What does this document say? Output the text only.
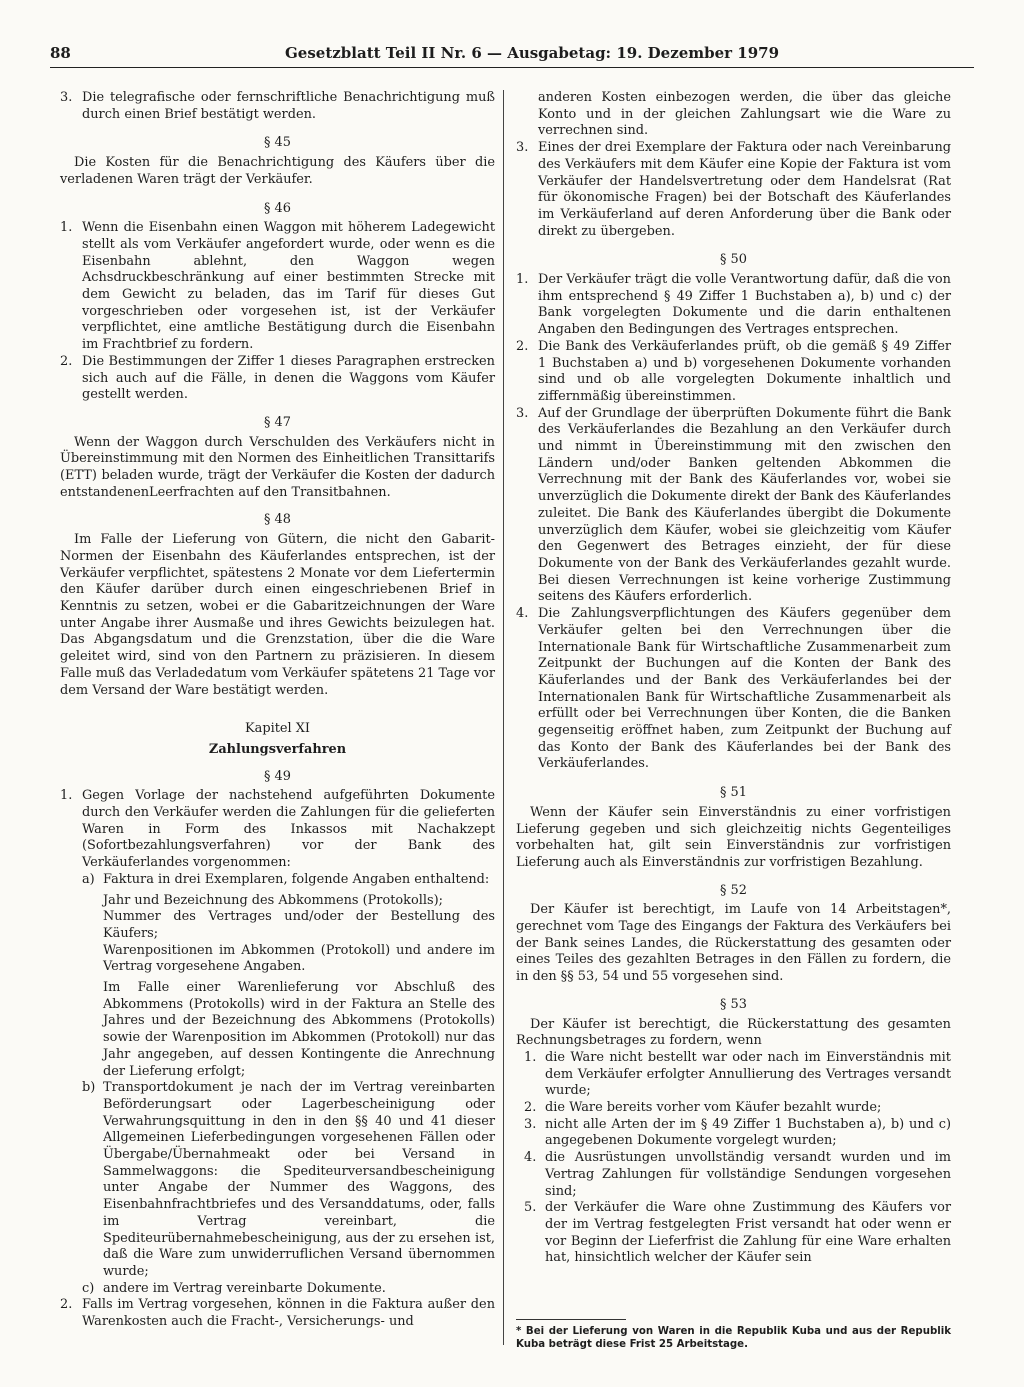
88	Gesetzblatt Teil II Nr. 6 — Ausgabetag: 19. Dezember 1979
3. Die telegrafische oder fernschriftliche Benachrichtigung muß durch einen Brief bestätigt werden.
§ 45

Die Kosten für die Benachrichtigung des Käufers über die verladenen Waren trägt der Verkäufer.

§ 46
1. Wenn die Eisenbahn einen Waggon mit höherem Ladegewicht stellt als vom Verkäufer angefordert wurde, oder wenn es die Eisenbahn ablehnt, den Waggon wegen Achsdruckbeschränkung auf einer bestimmten Strecke mit dem Gewicht zu beladen, das im Tarif für dieses Gut vorgeschrieben oder vorgesehen ist, ist der Verkäufer verpflichtet, eine amtliche Bestätigung durch die Eisenbahn im Frachtbrief zu fordern.
2. Die Bestimmungen der Ziffer 1 dieses Paragraphen erstrecken sich auch auf die Fälle, in denen die Waggons vom Käufer gestellt werden.
§ 47

Wenn der Waggon durch Verschulden des Verkäufers nicht in Übereinstimmung mit den Normen des Einheitlichen Transittarifs (ETT) beladen wurde, trägt der Verkäufer die Kosten der dadurch entstandenenLeerfrachten auf den Transitbahnen.

§ 48

Im Falle der Lieferung von Gütern, die nicht den Gabarit-Normen der Eisenbahn des Käuferlandes entsprechen, ist der Verkäufer verpflichtet, spätestens 2 Monate vor dem Liefertermin den Käufer darüber durch einen eingeschriebenen Brief in Kenntnis zu setzen, wobei er die Gabaritzeichnungen der Ware unter Angabe ihrer Ausmaße und ihres Gewichts beizulegen hat. Das Abgangsdatum und die Grenzstation, über die die Ware geleitet wird, sind von den Partnern zu präzisieren. In diesem Falle muß das Verladedatum vom Verkäufer spätetens 21 Tage vor dem Versand der Ware bestätigt werden.

Kapitel XI
Zahlungsverfahren
§ 49
1. Gegen Vorlage der nachstehend aufgeführten Dokumente durch den Verkäufer werden die Zahlungen für die gelieferten Waren in Form des Inkassos mit Nachakzept (Sofortbezahlungsverfahren) vor der Bank des Verkäuferlandes vorgenommen:
a) Faktura in drei Exemplaren, folgende Angaben enthaltend:

Jahr und Bezeichnung des Abkommens (Protokolls);

Nummer des Vertrages und/oder der Bestellung des Käufers;

Warenpositionen im Abkommen (Protokoll) und andere im Vertrag vorgesehene Angaben.

Im Falle einer Warenlieferung vor Abschluß des Abkommens (Protokolls) wird in der Faktura an Stelle des Jahres und der Bezeichnung des Abkommens (Protokolls) sowie der Warenposition im Abkommen (Protokoll) nur das Jahr angegeben, auf dessen Kontingente die Anrechnung der Lieferung erfolgt;

b) Transportdokument je nach der im Vertrag vereinbarten Beförderungsart oder Lagerbescheinigung oder Verwahrungsquittung in den in den §§ 40 und 41 dieser Allgemeinen Lieferbedingungen vorgesehenen Fällen oder Übergabe/Übernahmeakt oder bei Versand in Sammelwaggons: die Spediteurversandbescheinigung unter Angabe der Nummer des Waggons, des Eisenbahnfrachtbriefes und des Versanddatums, oder, falls im Vertrag vereinbart, die Spediteurübernahmebescheinigung, aus der zu ersehen ist, daß die Ware zum unwiderruflichen Versand übernommen wurde;
c) andere im Vertrag vereinbarte Dokumente.
2. Falls im Vertrag vorgesehen, können in die Faktura außer den Warenkosten auch die Fracht-, Versicherungs- und
anderen Kosten einbezogen werden, die über das gleiche Konto und in der gleichen Zahlungsart wie die Ware zu verrechnen sind.
3. Eines der drei Exemplare der Faktura oder nach Vereinbarung des Verkäufers mit dem Käufer eine Kopie der Faktura ist vom Verkäufer der Handelsvertretung oder dem Handelsrat (Rat für ökonomische Fragen) bei der Botschaft des Käuferlandes im Verkäuferland auf deren Anforderung über die Bank oder direkt zu übergeben.
§ 50
1. Der Verkäufer trägt die volle Verantwortung dafür, daß die von ihm entsprechend § 49 Ziffer 1 Buchstaben a), b) und c) der Bank vorgelegten Dokumente und die darin enthaltenen Angaben den Bedingungen des Vertrages entsprechen.
2. Die Bank des Verkäuferlandes prüft, ob die gemäß § 49 Ziffer 1 Buchstaben a) und b) vorgesehenen Dokumente vorhanden sind und ob alle vorgelegten Dokumente inhaltlich und ziffernmäßig übereinstimmen.
3. Auf der Grundlage der überprüften Dokumente führt die Bank des Verkäuferlandes die Bezahlung an den Verkäufer durch und nimmt in Übereinstimmung mit den zwischen den Ländern und/oder Banken geltenden Abkommen die Verrechnung mit der Bank des Käuferlandes vor, wobei sie unverzüglich die Dokumente direkt der Bank des Käuferlandes zuleitet. Die Bank des Käuferlandes übergibt die Dokumente unverzüglich dem Käufer, wobei sie gleichzeitig vom Käufer den Gegenwert des Betrages einzieht, der für diese Dokumente von der Bank des Verkäuferlandes gezahlt wurde. Bei diesen Verrechnungen ist keine vorherige Zustimmung seitens des Käufers erforderlich.
4. Die Zahlungsverpflichtungen des Käufers gegenüber dem Verkäufer gelten bei den Verrechnungen über die Internationale Bank für Wirtschaftliche Zusammenarbeit zum Zeitpunkt der Buchungen auf die Konten der Bank des Käuferlandes und der Bank des Verkäuferlandes bei der Internationalen Bank für Wirtschaftliche Zusammenarbeit als erfüllt oder bei Verrechnungen über Konten, die die Banken gegenseitig eröffnet haben, zum Zeitpunkt der Buchung auf das Konto der Bank des Käuferlandes bei der Bank des Verkäuferlandes.
§ 51

Wenn der Käufer sein Einverständnis zu einer vorfristigen Lieferung gegeben und sich gleichzeitig nichts Gegenteiliges vorbehalten hat, gilt sein Einverständnis zur vorfristigen Lieferung auch als Einverständnis zur vorfristigen Bezahlung.

§ 52

Der Käufer ist berechtigt, im Laufe von 14 Arbeitstagen*, gerechnet vom Tage des Eingangs der Faktura des Verkäufers bei der Bank seines Landes, die Rückerstattung des gesamten oder eines Teiles des gezahlten Betrages in den Fällen zu fordern, die in den §§ 53, 54 und 55 vorgesehen sind.

§ 53

Der Käufer ist berechtigt, die Rückerstattung des gesamten Rechnungsbetrages zu fordern, wenn

1. die Ware nicht bestellt war oder nach im Einverständnis mit dem Verkäufer erfolgter Annullierung des Vertrages versandt wurde;
2. die Ware bereits vorher vom Käufer bezahlt wurde;
3. nicht alle Arten der im § 49 Ziffer 1 Buchstaben a), b) und c) angegebenen Dokumente vorgelegt wurden;
4. die Ausrüstungen unvollständig versandt wurden und im Vertrag Zahlungen für vollständige Sendungen vorgesehen sind;
5. der Verkäufer die Ware ohne Zustimmung des Käufers vor der im Vertrag festgelegten Frist versandt hat oder wenn er vor Beginn der Lieferfrist die Zahlung für eine Ware erhalten hat, hinsichtlich welcher der Käufer sein
* Bei der Lieferung von Waren in die Republik Kuba und aus der Republik Kuba beträgt diese Frist 25 Arbeitstage.
